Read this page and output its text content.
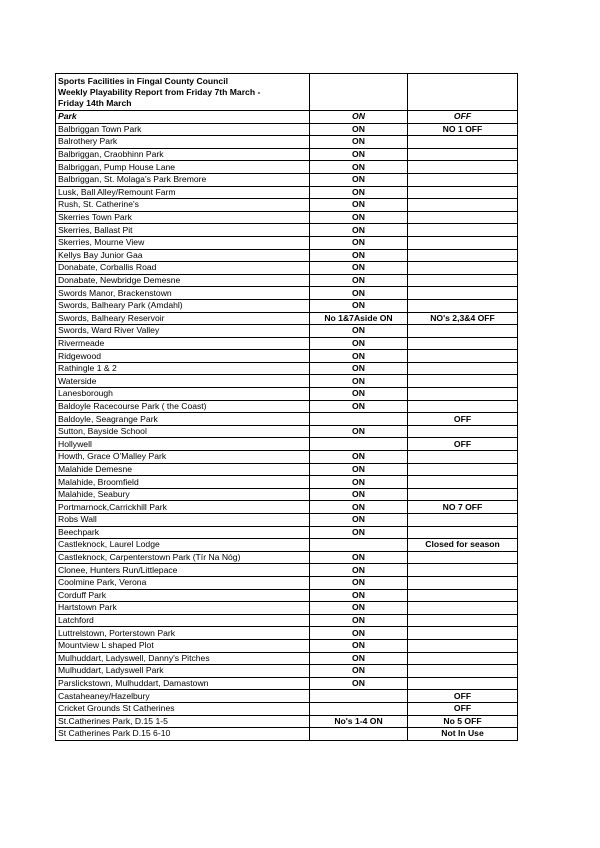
Sports Facilities in Fingal County Council
Weekly Playability Report from Friday 7th March -
Friday 14th March		

Park	ON	OFF
Balbriggan Town Park	ON	NO 1 OFF
Balrothery Park	ON	
Balbriggan, Craobhinn Park	ON	
Balbriggan, Pump House Lane	ON	
Balbriggan, St. Molaga's Park Bremore	ON	
Lusk, Ball Alley/Remount Farm	ON	
Rush, St. Catherine's	ON	
Skerries Town Park	ON	
Skerries, Ballast Pit	ON	
Skerries, Mourne View	ON	
Kellys Bay Junior Gaa	ON	
Donabate, Corballis Road	ON	
Donabate, Newbridge Demesne	ON	
Swords Manor, Brackenstown	ON	
Swords, Balheary Park (Amdahl)	ON	
Swords, Balheary Reservoir	No 1&7Aside ON	NO's 2,3&4 OFF
Swords, Ward River Valley	ON	
Rivermeade	ON	
Ridgewood	ON	
Rathingle 1 & 2	ON	
Waterside	ON	
Lanesborough	ON	
Baldoyle Racecourse Park ( the Coast)	ON	
Baldoyle, Seagrange Park		OFF
Sutton, Bayside School	ON	
Hollywell		OFF
Howth, Grace O'Malley Park	ON	
Malahide Demesne	ON	
Malahide, Broomfield	ON	
Malahide, Seabury	ON	
Portmarnock,Carrickhill Park	ON	NO 7 OFF
Robs Wall	ON	
Beechpark	ON	
Castleknock, Laurel Lodge		Closed for season
Castleknock, Carpenterstown Park (Tír Na Nóg)	ON	
Clonee, Hunters Run/Littlepace	ON	
Coolmine Park, Verona	ON	
Corduff Park	ON	
Hartstown Park	ON	
Latchford	ON	
Luttrelstown, Porterstown Park	ON	
Mountview L shaped Plot	ON	
Mulhuddart, Ladyswell, Danny's Pitches	ON	
Mulhuddart, Ladyswell Park	ON	
Parslickstown, Mulhuddart, Damastown	ON	
Castaheaney/Hazelbury		OFF
Cricket Grounds St Catherines		OFF
St.Catherines Park, D.15 1-5	No's 1-4 ON	No 5 OFF
St Catherines Park D.15 6-10		Not In Use
